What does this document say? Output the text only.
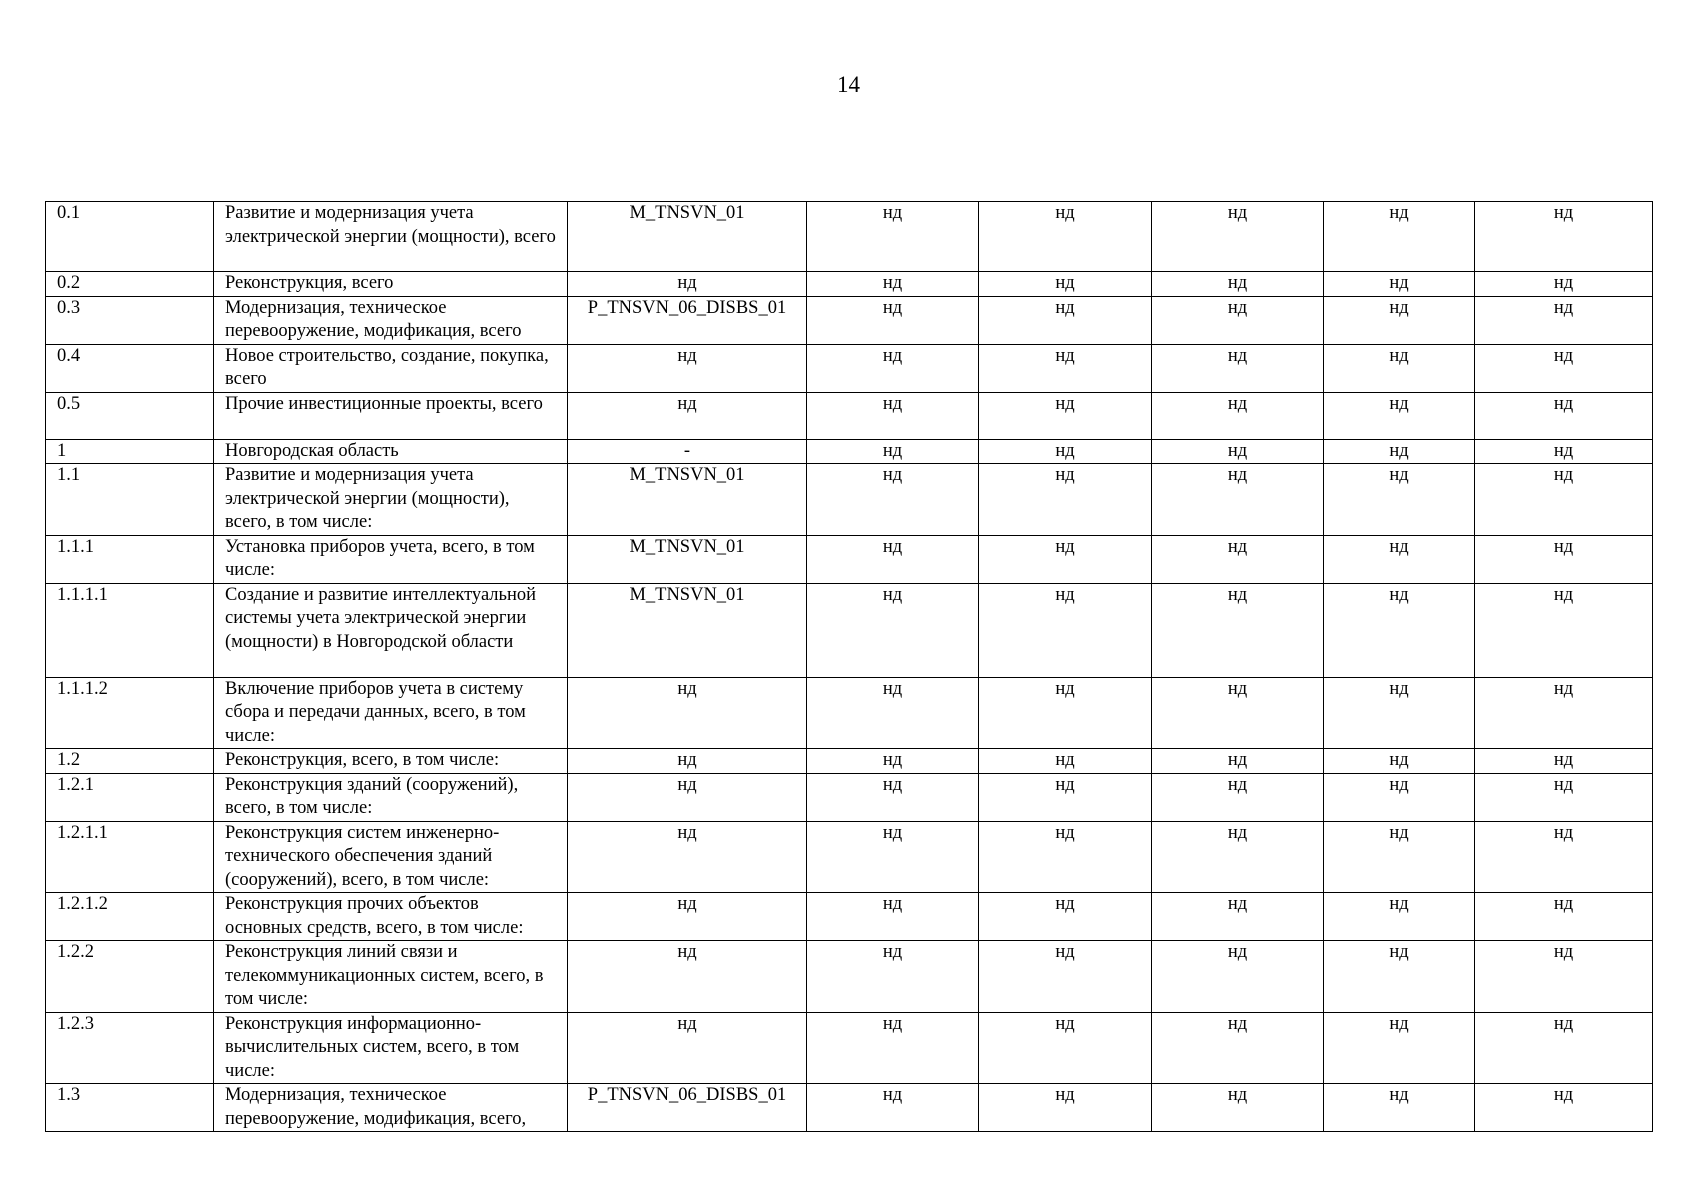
14
0.1	Развитие и модернизация учета электрической энергии (мощности), всего	M_TNSVN_01	нд	нд	нд	нд	нд
0.2	Реконструкция, всего	нд	нд	нд	нд	нд	нд
0.3	Модернизация, техническое перевооружение, модификация, всего	P_TNSVN_06_DISBS_01	нд	нд	нд	нд	нд
0.4	Новое строительство, создание, покупка, всего	нд	нд	нд	нд	нд	нд
0.5	Прочие инвестиционные проекты, всего	нд	нд	нд	нд	нд	нд
1	Новгородская область	-	нд	нд	нд	нд	нд
1.1	Развитие и модернизация учета электрической энергии (мощности), всего, в том числе:	M_TNSVN_01	нд	нд	нд	нд	нд
1.1.1	Установка приборов учета, всего, в том числе:	M_TNSVN_01	нд	нд	нд	нд	нд
1.1.1.1	Создание и развитие интеллектуальной системы учета электрической энергии (мощности) в Новгородской области	M_TNSVN_01	нд	нд	нд	нд	нд
1.1.1.2	Включение приборов учета в систему сбора и передачи данных, всего, в том числе:	нд	нд	нд	нд	нд	нд
1.2	Реконструкция, всего, в том числе:	нд	нд	нд	нд	нд	нд
1.2.1	Реконструкция зданий (сооружений), всего, в том числе:	нд	нд	нд	нд	нд	нд
1.2.1.1	Реконструкция систем инженерно-технического обеспечения зданий (сооружений), всего, в том числе:	нд	нд	нд	нд	нд	нд
1.2.1.2	Реконструкция прочих объектов основных средств, всего, в том числе:	нд	нд	нд	нд	нд	нд
1.2.2	Реконструкция линий связи и телекоммуникационных систем, всего, в том числе:	нд	нд	нд	нд	нд	нд
1.2.3	Реконструкция информационно-вычислительных систем, всего, в том числе:	нд	нд	нд	нд	нд	нд
1.3	Модернизация, техническое перевооружение, модификация, всего,	P_TNSVN_06_DISBS_01	нд	нд	нд	нд	нд
